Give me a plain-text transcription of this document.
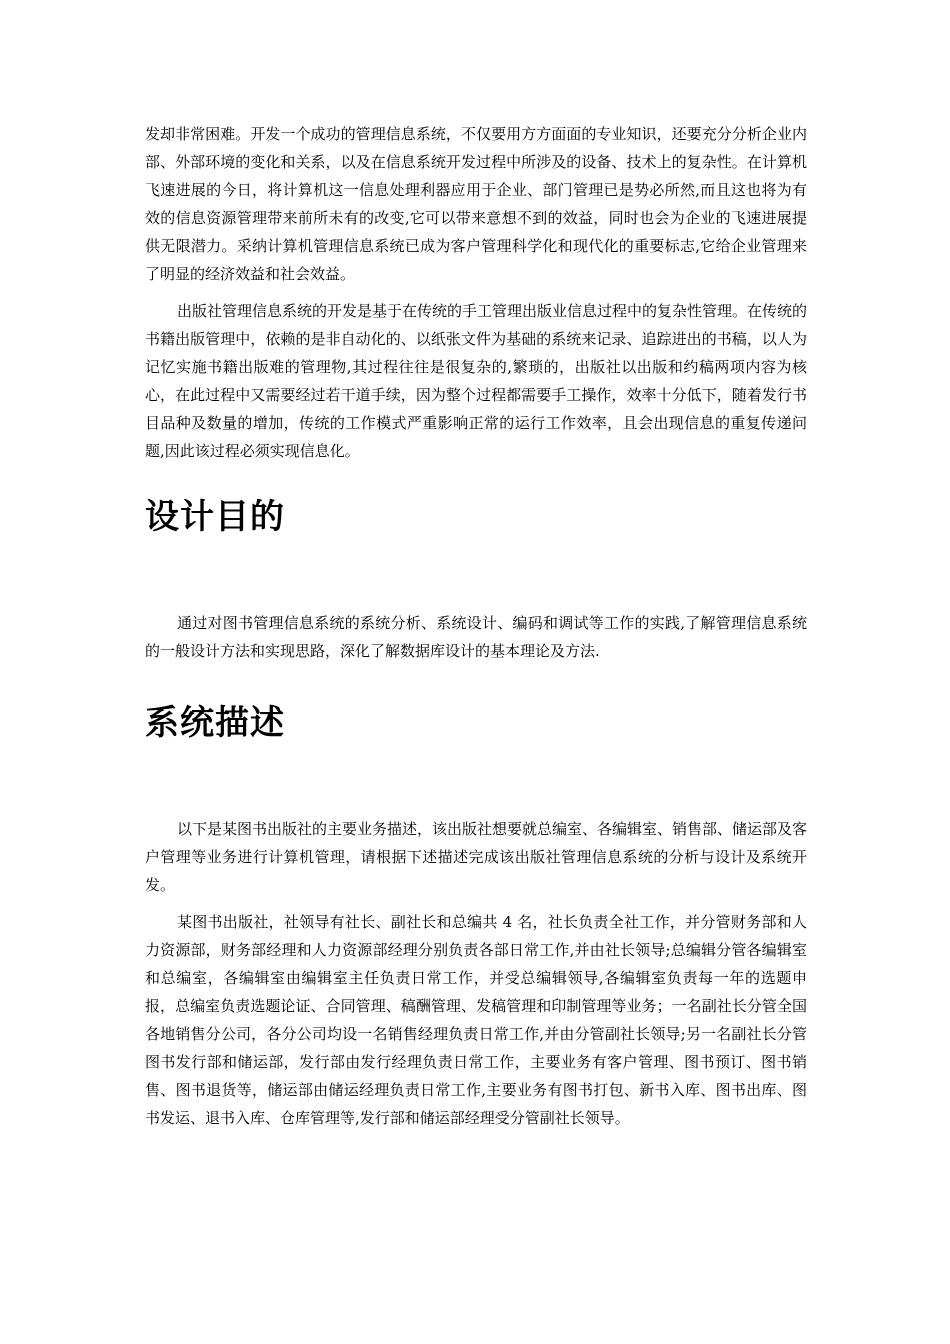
发却非常困难。开发一个成功的管理信息系统，不仅要用方方面面的专业知识，还要充分分析企业内部、外部环境的变化和关系，以及在信息系统开发过程中所涉及的设备、技术上的复杂性。在计算机飞速进展的今日，将计算机这一信息处理利器应用于企业、部门管理已是势必所然,而且这也将为有效的信息资源管理带来前所未有的改变,它可以带来意想不到的效益，同时也会为企业的飞速进展提供无限潜力。采纳计算机管理信息系统已成为客户管理科学化和现代化的重要标志,它给企业管理来了明显的经济效益和社会效益。

出版社管理信息系统的开发是基于在传统的手工管理出版业信息过程中的复杂性管理。在传统的书籍出版管理中，依赖的是非自动化的、以纸张文件为基础的系统来记录、追踪进出的书稿，以人为记忆实施书籍出版难的管理物,其过程往往是很复杂的,繁琐的，出版社以出版和约稿两项内容为核心，在此过程中又需要经过若干道手续，因为整个过程都需要手工操作，效率十分低下，随着发行书目品种及数量的增加，传统的工作模式严重影响正常的运行工作效率，且会出现信息的重复传递问题,因此该过程必须实现信息化。

设计目的

通过对图书管理信息系统的系统分析、系统设计、编码和调试等工作的实践,了解管理信息系统的一般设计方法和实现思路，深化了解数据库设计的基本理论及方法.

系统描述

以下是某图书出版社的主要业务描述，该出版社想要就总编室、各编辑室、销售部、储运部及客户管理等业务进行计算机管理，请根据下述描述完成该出版社管理信息系统的分析与设计及系统开发。

某图书出版社，社领导有社长、副社长和总编共 4 名，社长负责全社工作，并分管财务部和人力资源部，财务部经理和人力资源部经理分别负责各部日常工作,并由社长领导;总编辑分管各编辑室和总编室，各编辑室由编辑室主任负责日常工作，并受总编辑领导,各编辑室负责每一年的选题申报，总编室负责选题论证、合同管理、稿酬管理、发稿管理和印制管理等业务；一名副社长分管全国各地销售分公司，各分公司均设一名销售经理负责日常工作,并由分管副社长领导;另一名副社长分管图书发行部和储运部，发行部由发行经理负责日常工作，主要业务有客户管理、图书预订、图书销售、图书退货等，储运部由储运经理负责日常工作,主要业务有图书打包、新书入库、图书出库、图书发运、退书入库、仓库管理等,发行部和储运部经理受分管副社长领导。
